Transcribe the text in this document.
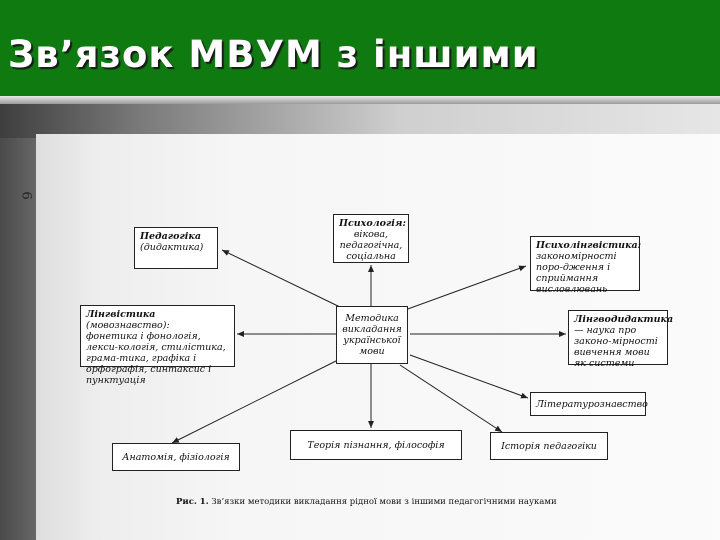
Зв’язок МВУМ з іншими
6
Педагогіка
(дидактика)
Психологія:
вікова, педагогічна, соціальна
Психолінгвістика:
закономірності поро-дження і сприймання висловлювань
Лінгвістика (мовознавство):
фонетика і фонологія, лекси-кологія, стилістика, грама-тика, графіка і орфографія, синтаксис і пунктуація
Методика викладання української мови
Лінгводидактика — наука про законо-мірності вивчення мови як системи
Літературознавство
Анатомія, фізіологія
Теорія пізнання, філософія	Історія педагогіки
Рис. 1. Зв’язки методики викладання рідної мови з іншими педагогічними науками
